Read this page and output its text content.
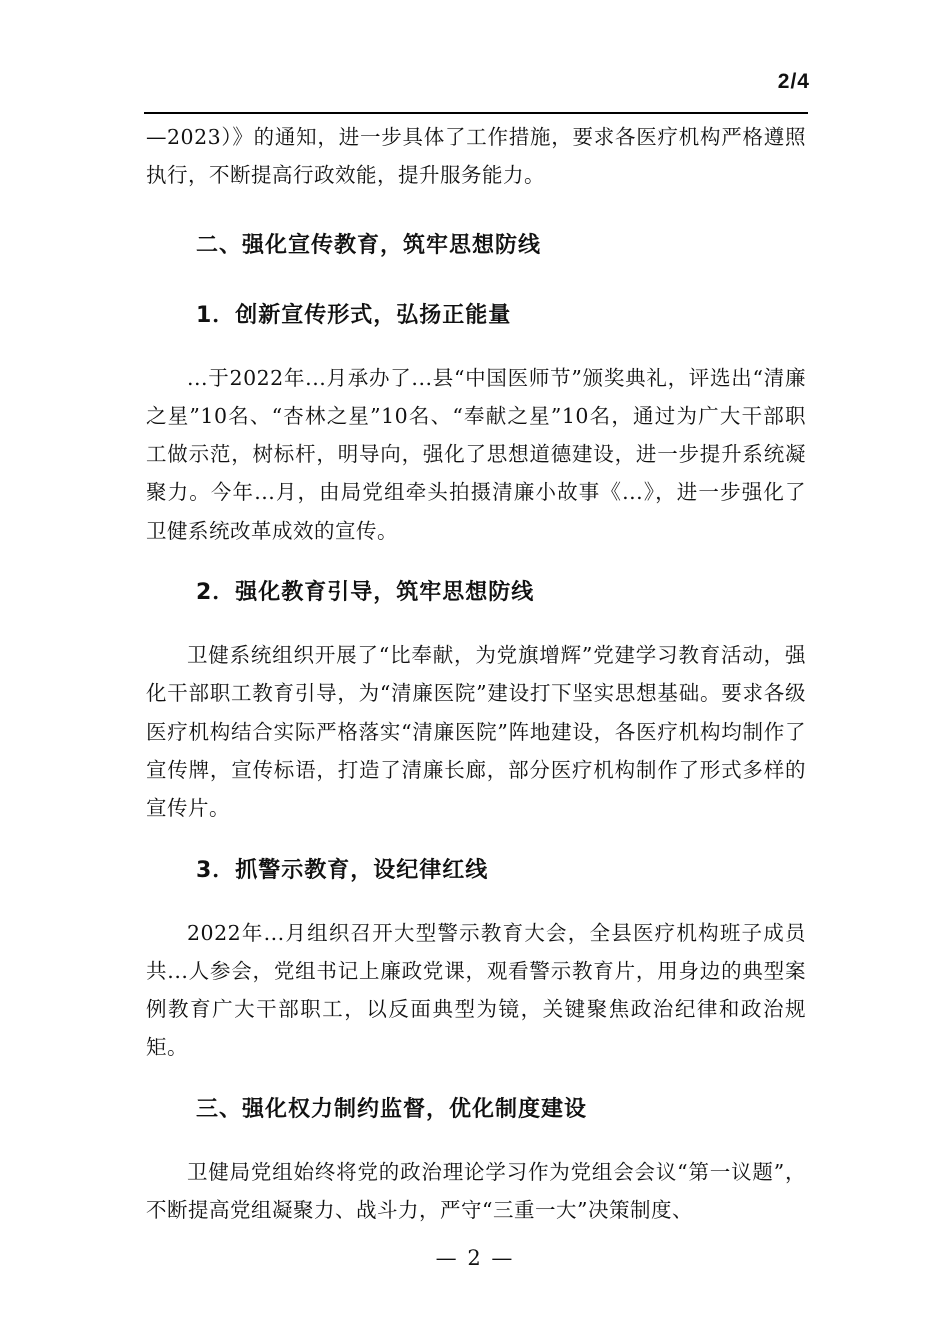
2/4

—2023）》的通知，进一步具体了工作措施，要求各医疗机构严格遵照执行，不断提高行政效能，提升服务能力。

二、强化宣传教育，筑牢思想防线
1．创新宣传形式，弘扬正能量

...于2022年...月承办了...县“中国医师节”颁奖典礼，评选出“清廉之星”10名、“杏林之星”10名、“奉献之星”10名，通过为广大干部职工做示范，树标杆，明导向，强化了思想道德建设，进一步提升系统凝聚力。今年...月，由局党组牵头拍摄清廉小故事《...》，进一步强化了卫健系统改革成效的宣传。

2．强化教育引导，筑牢思想防线

卫健系统组织开展了“比奉献，为党旗增辉”党建学习教育活动，强化干部职工教育引导，为“清廉医院”建设打下坚实思想基础。要求各级医疗机构结合实际严格落实“清廉医院”阵地建设，各医疗机构均制作了宣传牌，宣传标语，打造了清廉长廊，部分医疗机构制作了形式多样的宣传片。

3．抓警示教育，设纪律红线

2022年...月组织召开大型警示教育大会，全县医疗机构班子成员共...人参会，党组书记上廉政党课，观看警示教育片，用身边的典型案例教育广大干部职工，以反面典型为镜，关键聚焦政治纪律和政治规矩。

三、强化权力制约监督，优化制度建设

卫健局党组始终将党的政治理论学习作为党组会会议“第一议题”，不断提高党组凝聚力、战斗力，严守“三重一大”决策制度、

— 2 —
